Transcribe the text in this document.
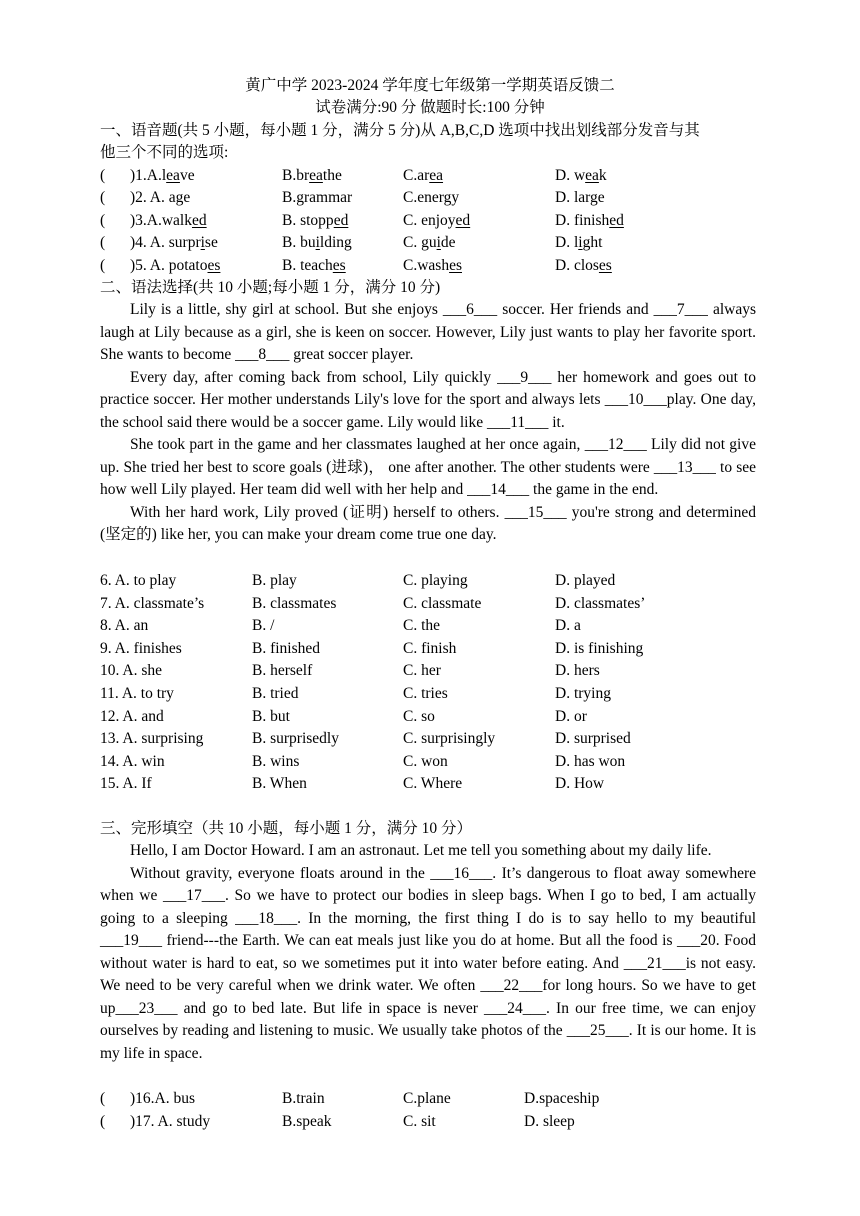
黄广中学 2023-2024 学年度七年级第一学期英语反馈二
试卷满分:90 分 做题时长:100 分钟
一、语音题(共 5 小题，每小题 1 分，满分 5 分)从 A,B,C,D 选项中找出划线部分发音与其
他三个不同的选项:
( )1.A.leave	B.breathe	C.area	D. weak
( )2. A. age	B.grammar	C.energy	D. large
( )3.A.walked	B. stopped	C. enjoyed	D. finished
( )4. A. surprise	B. building	C. guide	D. light
( )5. A. potatoes	B. teaches	C.washes	D. closes
二、语法选择(共 10 小题;每小题 1 分，满分 10 分)

Lily is a little, shy girl at school. But she enjoys ___6___ soccer. Her friends and ___7___ always laugh at Lily because as a girl, she is keen on soccer. However, Lily just wants to play her favorite sport. She wants to become ___8___ great soccer player.

Every day, after coming back from school, Lily quickly ___9___ her homework and goes out to practice soccer. Her mother understands Lily's love for the sport and always lets ___10___play. One day, the school said there would be a soccer game. Lily would like ___11___ it.

She took part in the game and her classmates laughed at her once again, ___12___ Lily did not give up. She tried her best to score goals (进球)， one after another. The other students were ___13___ to see how well Lily played. Her team did well with her help and ___14___ the game in the end.

With her hard work, Lily proved (证明) herself to others. ___15___ you're strong and determined (坚定的) like her, you can make your dream come true one day.

6. A. to play	B. play	C. playing	D. played
7. A. classmate’s	B. classmates	C. classmate	D. classmates’
8. A. an	B. /	C. the	D. a
9. A. finishes	B. finished	C. finish	D. is finishing
10. A. she	B. herself	C. her	D. hers
11. A. to try	B. tried	C. tries	D. trying
12. A. and	B. but	C. so	D. or
13. A. surprising	B. surprisedly	C. surprisingly	D. surprised
14. A. win	B. wins	C. won	D. has won
15. A. If	B. When	C. Where	D. How
三、完形填空（共 10 小题，每小题 1 分，满分 10 分）

Hello, I am Doctor Howard. I am an astronaut. Let me tell you something about my daily life.

Without gravity, everyone floats around in the ___16___. It’s dangerous to float away somewhere when we ___17___. So we have to protect our bodies in sleep bags. When I go to bed, I am actually going to a sleeping ___18___. In the morning, the first thing I do is to say hello to my beautiful ___19___ friend---the Earth. We can eat meals just like you do at home. But all the food is ___20. Food without water is hard to eat, so we sometimes put it into water before eating. And ___21___is not easy. We need to be very careful when we drink water. We often ___22___for long hours. So we have to get up___23___ and go to bed late. But life in space is never ___24___. In our free time, we can enjoy ourselves by reading and listening to music. We usually take photos of the ___25___. It is our home. It is my life in space.

( )16.A. bus	B.train	C.plane	D.spaceship
( )17. A. study	B.speak	C. sit	D. sleep
